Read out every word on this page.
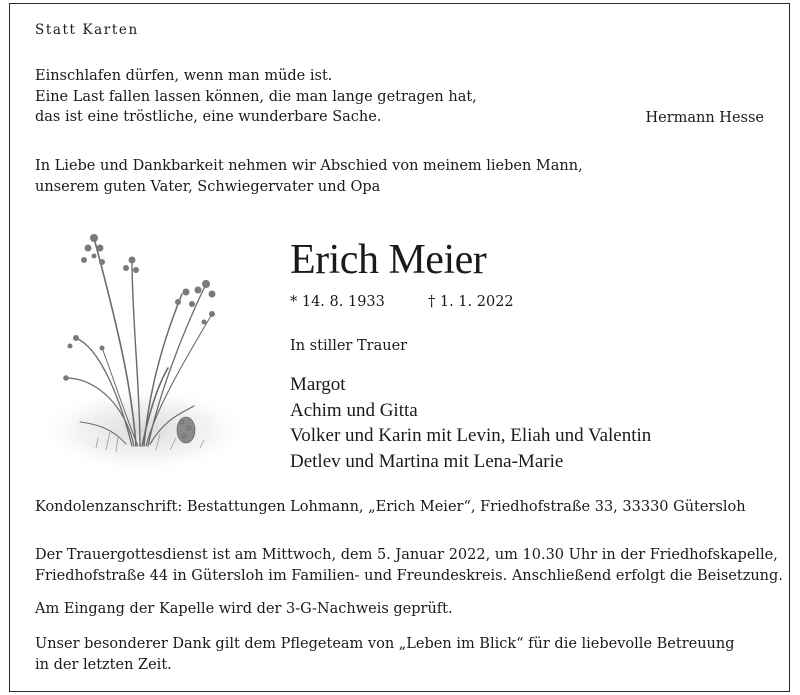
Statt Karten
Einschlafen dürfen, wenn man müde ist.
Eine Last fallen lassen können, die man lange getragen hat,
das ist eine tröstliche, eine wunderbare Sache.	Hermann Hesse
In Liebe und Dankbarkeit nehmen wir Abschied von meinem lieben Mann,
unserem guten Vater, Schwiegervater und Opa
Erich Meier
* 14. 8. 1933	† 1. 1. 2022
In stiller Trauer
Margot
Achim und Gitta
Volker und Karin mit Levin, Eliah und Valentin
Detlev und Martina mit Lena-Marie
Kondolenzanschrift: Bestattungen Lohmann, „Erich Meier“, Friedhofstraße 33, 33330 Gütersloh
Der Trauergottesdienst ist am Mittwoch, dem 5. Januar 2022, um 10.30 Uhr in der Friedhofskapelle,
Friedhofstraße 44 in Gütersloh im Familien- und Freundeskreis. Anschließend erfolgt die Beisetzung.
Am Eingang der Kapelle wird der 3-G-Nachweis geprüft.
Unser besonderer Dank gilt dem Pflegeteam von „Leben im Blick“ für die liebevolle Betreuung
in der letzten Zeit.
